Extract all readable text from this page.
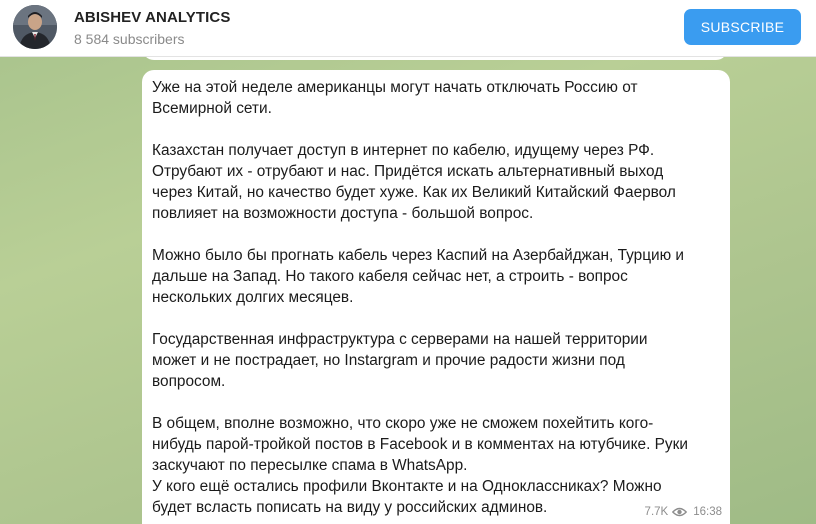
ABISHEV ANALYTICS
8 584 subscribers
SUBSCRIBE
Уже на этой неделе американцы могут начать отключать Россию от
Всемирной сети.
Казахстан получает доступ в интернет по кабелю, идущему через РФ.
Отрубают их - отрубают и нас. Придётся искать альтернативный выход
через Китай, но качество будет хуже. Как их Великий Китайский Фаервол
повлияет на возможности доступа - большой вопрос.
Можно было бы прогнать кабель через Каспий на Азербайджан, Турцию и
дальше на Запад. Но такого кабеля сейчас нет, а строить - вопрос
нескольких долгих месяцев.
Государственная инфраструктура с серверами на нашей территории
может и не пострадает, но Instargram и прочие радости жизни под
вопросом.
В общем, вполне возможно, что скоро уже не сможем похейтить кого-
нибудь парой-тройкой постов в Facebook и в комментах на ютубчике. Руки
заскучают по пересылке спама в WhatsApp.
У кого ещё остались профили Вконтакте и на Одноклассниках? Можно
будет всласть пописать на виду у российских админов.	7.7K 16:38
